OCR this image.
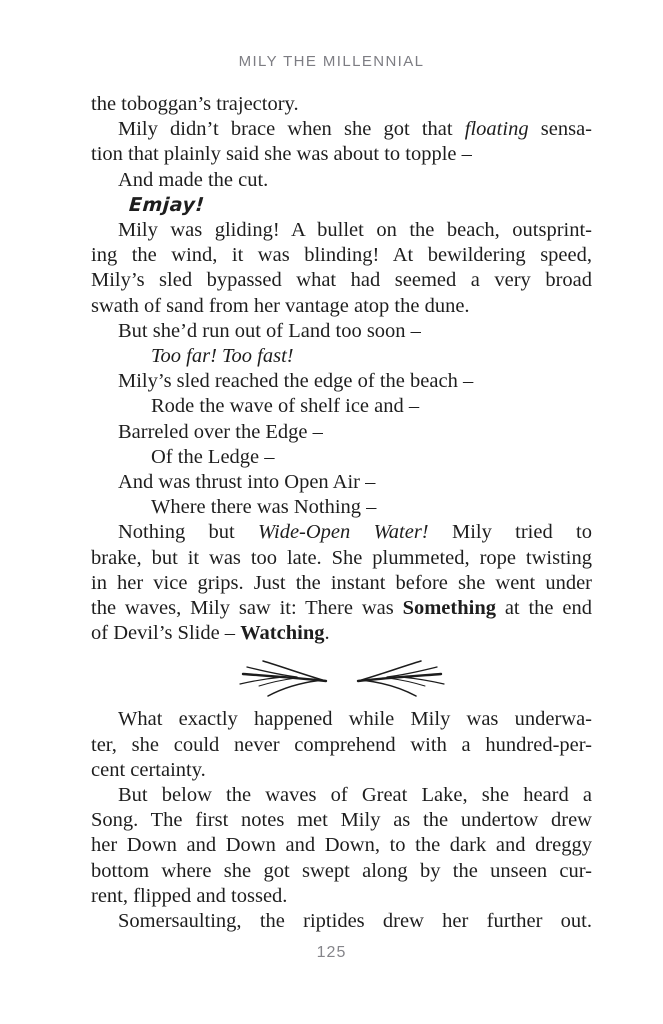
MILY THE MILLENNIAL
the toboggan’s trajectory.
Mily didn’t brace when she got that floating sensa-
tion that plainly said she was about to topple –
And made the cut.
Emjay!
Mily was gliding! A bullet on the beach, outsprint-
ing the wind, it was blinding! At bewildering speed,
Mily’s sled bypassed what had seemed a very broad
swath of sand from her vantage atop the dune.
But she’d run out of Land too soon –
Too far! Too fast!
Mily’s sled reached the edge of the beach –
Rode the wave of shelf ice and –
Barreled over the Edge –
Of the Ledge –
And was thrust into Open Air –
Where there was Nothing –
Nothing but Wide-Open Water! Mily tried to
brake, but it was too late. She plummeted, rope twisting
in her vice grips. Just the instant before she went under
the waves, Mily saw it: There was Something at the end
of Devil’s Slide – Watching.
What exactly happened while Mily was underwa-
ter, she could never comprehend with a hundred-per-
cent certainty.
But below the waves of Great Lake, she heard a
Song. The first notes met Mily as the undertow drew
her Down and Down and Down, to the dark and dreggy
bottom where she got swept along by the unseen cur-
rent, flipped and tossed.
Somersaulting, the riptides drew her further out.
125
